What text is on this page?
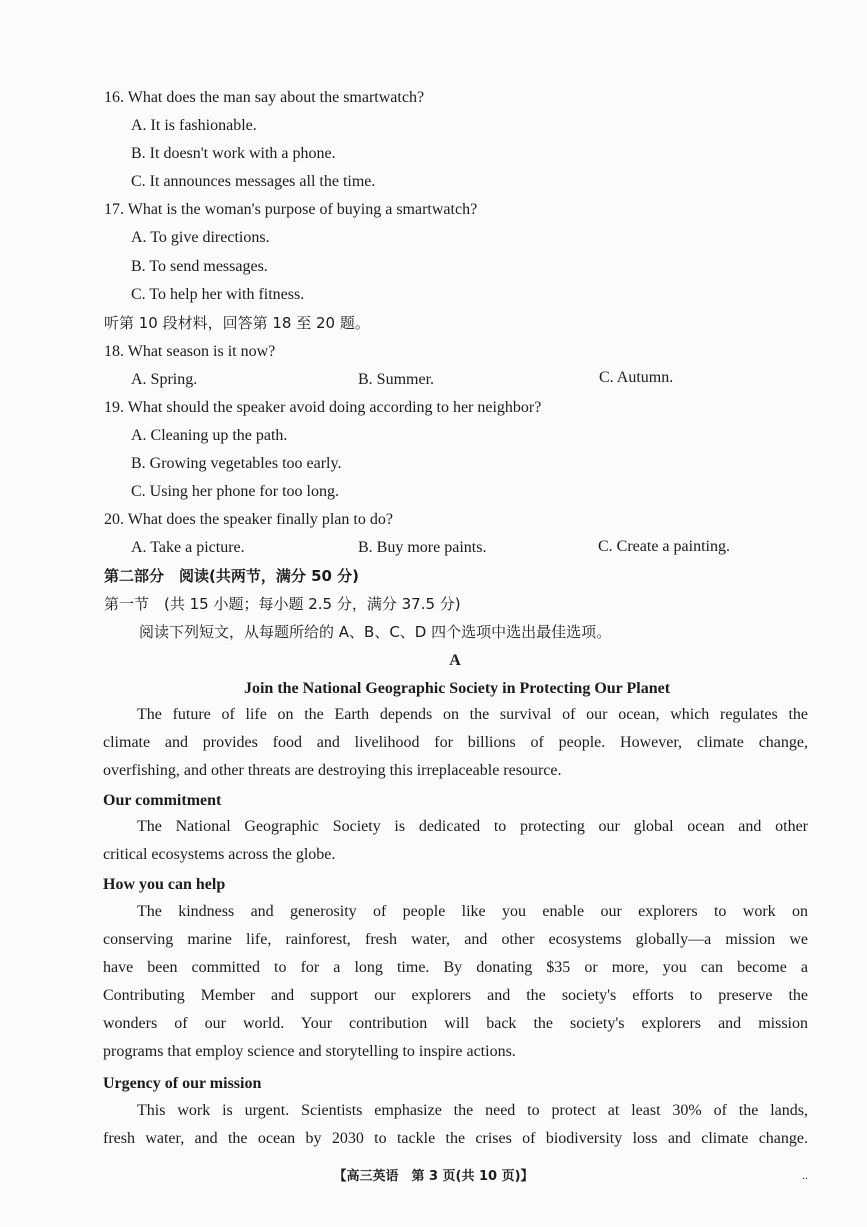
16. What does the man say about the smartwatch?
A. It is fashionable.
B. It doesn't work with a phone.
C. It announces messages all the time.
17. What is the woman's purpose of buying a smartwatch?
A. To give directions.
B. To send messages.
C. To help her with fitness.
听第 10 段材料，回答第 18 至 20 题。
18. What season is it now?
A. Spring.	B. Summer.	C. Autumn.
19. What should the speaker avoid doing according to her neighbor?
A. Cleaning up the path.
B. Growing vegetables too early.
C. Using her phone for too long.
20. What does the speaker finally plan to do?
A. Take a picture.	B. Buy more paints.	C. Create a painting.
第二部分　阅读(共两节，满分 50 分)
第一节　(共 15 小题；每小题 2.5 分，满分 37.5 分)
阅读下列短文，从每题所给的 A、B、C、D 四个选项中选出最佳选项。
A
Join the National Geographic Society in Protecting Our Planet
The future of life on the Earth depends on the survival of our ocean, which regulates the
climate and provides food and livelihood for billions of people. However, climate change,
overfishing, and other threats are destroying this irreplaceable resource.
Our commitment
The National Geographic Society is dedicated to protecting our global ocean and other
critical ecosystems across the globe.
How you can help
The kindness and generosity of people like you enable our explorers to work on
conserving marine life, rainforest, fresh water, and other ecosystems globally—a mission we
have been committed to for a long time. By donating $35 or more, you can become a
Contributing Member and support our explorers and the society's efforts to preserve the
wonders of our world. Your contribution will back the society's explorers and mission
programs that employ science and storytelling to inspire actions.
Urgency of our mission
This work is urgent. Scientists emphasize the need to protect at least 30% of the lands,
fresh water, and the ocean by 2030 to tackle the crises of biodiversity loss and climate change.
【高三英语　第 3 页(共 10 页)】	..
